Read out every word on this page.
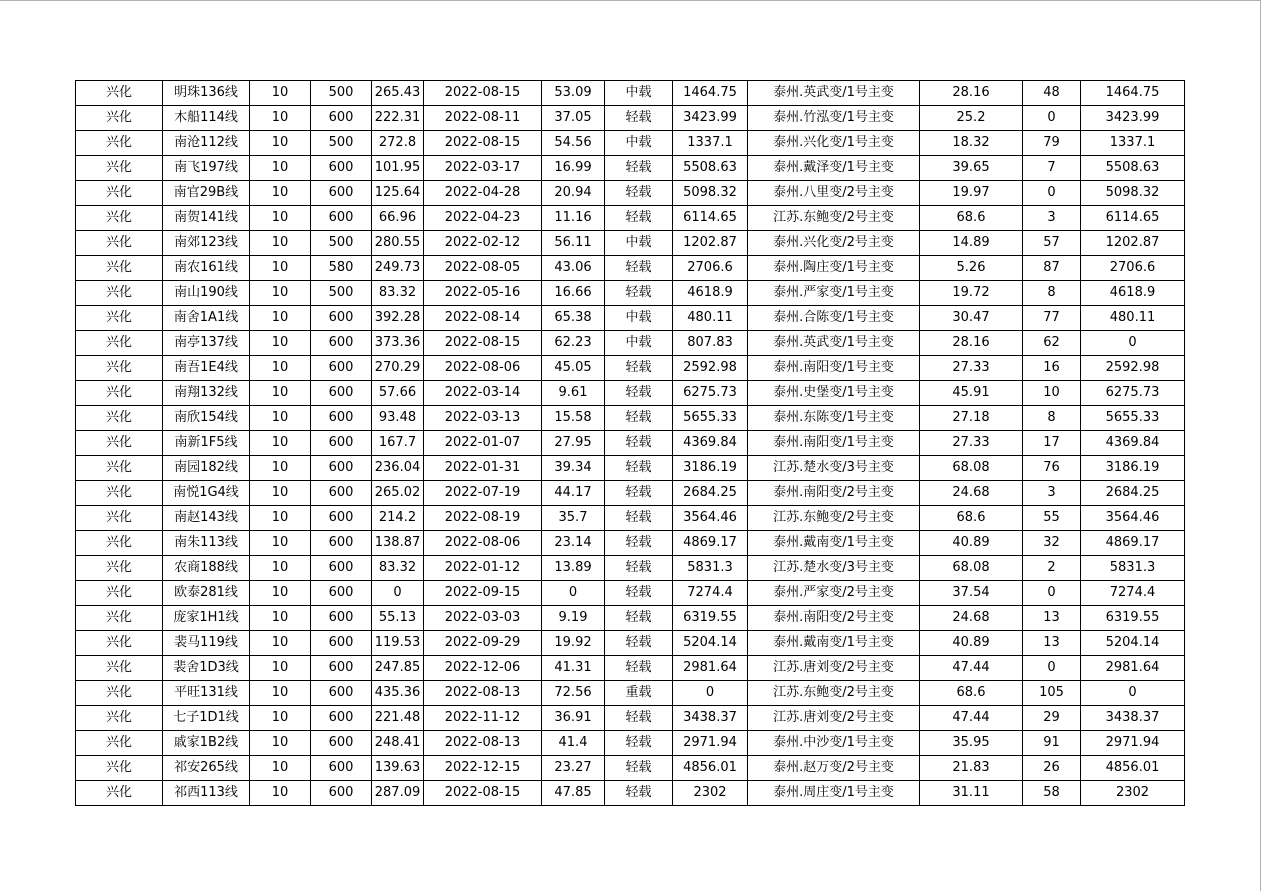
兴化	明珠136线	10	500	265.43	2022-08-15	53.09	中载	1464.75	泰州.英武变/1号主变	28.16	48	1464.75
兴化	木船114线	10	600	222.31	2022-08-11	37.05	轻载	3423.99	泰州.竹泓变/1号主变	25.2	0	3423.99
兴化	南沧112线	10	500	272.8	2022-08-15	54.56	中载	1337.1	泰州.兴化变/1号主变	18.32	79	1337.1
兴化	南飞197线	10	600	101.95	2022-03-17	16.99	轻载	5508.63	泰州.戴泽变/1号主变	39.65	7	5508.63
兴化	南官29B线	10	600	125.64	2022-04-28	20.94	轻载	5098.32	泰州.八里变/2号主变	19.97	0	5098.32
兴化	南贺141线	10	600	66.96	2022-04-23	11.16	轻载	6114.65	江苏.东鲍变/2号主变	68.6	3	6114.65
兴化	南郊123线	10	500	280.55	2022-02-12	56.11	中载	1202.87	泰州.兴化变/2号主变	14.89	57	1202.87
兴化	南农161线	10	580	249.73	2022-08-05	43.06	轻载	2706.6	泰州.陶庄变/1号主变	5.26	87	2706.6
兴化	南山190线	10	500	83.32	2022-05-16	16.66	轻载	4618.9	泰州.严家变/1号主变	19.72	8	4618.9
兴化	南舍1A1线	10	600	392.28	2022-08-14	65.38	中载	480.11	泰州.合陈变/1号主变	30.47	77	480.11
兴化	南亭137线	10	600	373.36	2022-08-15	62.23	中载	807.83	泰州.英武变/1号主变	28.16	62	0
兴化	南吾1E4线	10	600	270.29	2022-08-06	45.05	轻载	2592.98	泰州.南阳变/1号主变	27.33	16	2592.98
兴化	南翔132线	10	600	57.66	2022-03-14	9.61	轻载	6275.73	泰州.史堡变/1号主变	45.91	10	6275.73
兴化	南欣154线	10	600	93.48	2022-03-13	15.58	轻载	5655.33	泰州.东陈变/1号主变	27.18	8	5655.33
兴化	南新1F5线	10	600	167.7	2022-01-07	27.95	轻载	4369.84	泰州.南阳变/1号主变	27.33	17	4369.84
兴化	南园182线	10	600	236.04	2022-01-31	39.34	轻载	3186.19	江苏.楚水变/3号主变	68.08	76	3186.19
兴化	南悦1G4线	10	600	265.02	2022-07-19	44.17	轻载	2684.25	泰州.南阳变/2号主变	24.68	3	2684.25
兴化	南赵143线	10	600	214.2	2022-08-19	35.7	轻载	3564.46	江苏.东鲍变/2号主变	68.6	55	3564.46
兴化	南朱113线	10	600	138.87	2022-08-06	23.14	轻载	4869.17	泰州.戴南变/1号主变	40.89	32	4869.17
兴化	农商188线	10	600	83.32	2022-01-12	13.89	轻载	5831.3	江苏.楚水变/3号主变	68.08	2	5831.3
兴化	欧泰281线	10	600	0	2022-09-15	0	轻载	7274.4	泰州.严家变/2号主变	37.54	0	7274.4
兴化	庞家1H1线	10	600	55.13	2022-03-03	9.19	轻载	6319.55	泰州.南阳变/2号主变	24.68	13	6319.55
兴化	裴马119线	10	600	119.53	2022-09-29	19.92	轻载	5204.14	泰州.戴南变/1号主变	40.89	13	5204.14
兴化	裴舍1D3线	10	600	247.85	2022-12-06	41.31	轻载	2981.64	江苏.唐刘变/2号主变	47.44	0	2981.64
兴化	平旺131线	10	600	435.36	2022-08-13	72.56	重载	0	江苏.东鲍变/2号主变	68.6	105	0
兴化	七子1D1线	10	600	221.48	2022-11-12	36.91	轻载	3438.37	江苏.唐刘变/2号主变	47.44	29	3438.37
兴化	戚家1B2线	10	600	248.41	2022-08-13	41.4	轻载	2971.94	泰州.中沙变/1号主变	35.95	91	2971.94
兴化	祁安265线	10	600	139.63	2022-12-15	23.27	轻载	4856.01	泰州.赵万变/2号主变	21.83	26	4856.01
兴化	祁西113线	10	600	287.09	2022-08-15	47.85	轻载	2302	泰州.周庄变/1号主变	31.11	58	2302
